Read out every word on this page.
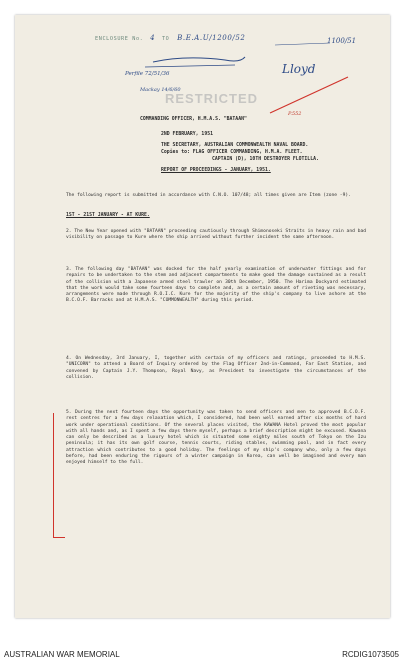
ENCLOSURE No. 4 TO B.E.A.U/1200/52	1100/51
Perfile 72/51/36
Mackay 14/6/60
RESTRICTED
Lloyd
P.552
COMMANDING OFFICER, H.M.A.S. "BATAAN"
2ND FEBRUARY, 1951
THE SECRETARY, AUSTRALIAN COMMONWEALTH NAVAL BOARD.
Copies to: FLAG OFFICER COMMANDING, H.M.A. FLEET.
CAPTAIN (D), 10TH DESTROYER FLOTILLA.
REPORT OF PROCEEDINGS - JANUARY, 1951.
The following report is submitted in accordance with C.N.O. 107/48; all times given are Item (zone -9).
1ST - 21ST JANUARY - AT KURE.
2. The New Year opened with "BATAAN" proceeding cautiously through Shimonoseki Straits in heavy rain and bad visibility on passage to Kure where the ship arrived without further incident the same afternoon.
3. The following day "BATAAN" was docked for the half yearly examination of underwater fittings and for repairs to be undertaken to the stem and adjacent compartments to make good the damage sustained as a result of the collision with a Japanese armed steel trawler on 30th December, 1950. The Harima Dockyard estimated that the work would take some fourteen days to complete and, as a certain amount of riveting was necessary, arrangements were made through R.O.I.C. Kure for the majority of the ship's company to live ashore at the B.C.O.F. Barracks and at H.M.A.S. "COMMONWEALTH" during this period.
4. On Wednesday, 3rd January, I, together with certain of my officers and ratings, proceeded to H.M.S. "UNICORN" to attend a Board of Inquiry ordered by the Flag Officer 2nd-in-Command, Far East Station, and convened by Captain J.Y. Thompson, Royal Navy, as President to investigate the circumstances of the collision.
5. During the next fourteen days the opportunity was taken to send officers and men to approved B.C.O.F. rest centres for a few days relaxation which, I considered, had been well earned after six months of hard work under operational conditions. Of the several places visited, the KAWANA Hotel proved the most popular with all hands and, as I spent a few days there myself, perhaps a brief description might be excused. Kawana can only be described as a luxury hotel which is situated some eighty miles south of Tokyo on the Izu peninsula; it has its own golf course, tennis courts, riding stables, swimming pool, and in fact every attraction which contributes to a good holiday. The feelings of my ship's company who, only a few days before, had been enduring the rigours of a winter campaign in Korea, can well be imagined and every man enjoyed himself to the full.
AUSTRALIAN WAR MEMORIAL	RCDIG1073505
